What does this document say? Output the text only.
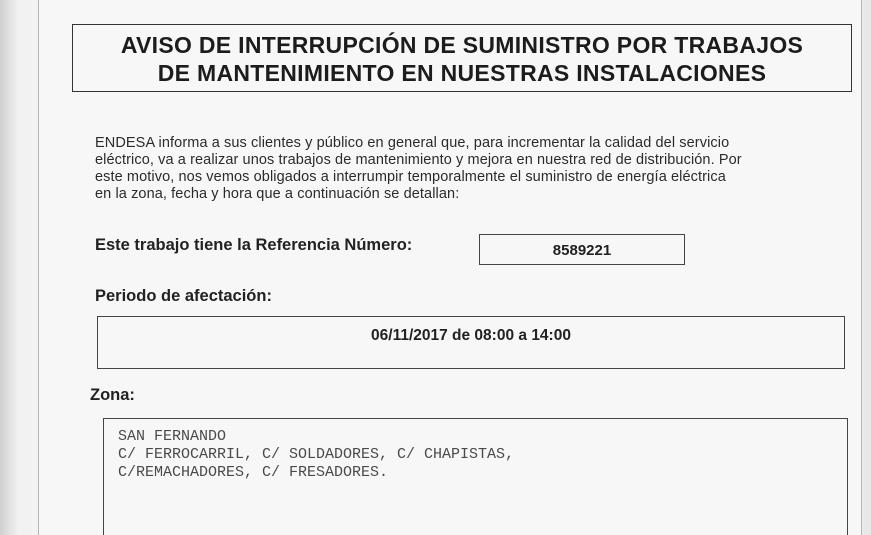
AVISO DE INTERRUPCIÓN DE SUMINISTRO POR TRABAJOS
DE MANTENIMIENTO EN NUESTRAS INSTALACIONES
ENDESA informa a sus clientes y público en general que, para incrementar la calidad del servicio
eléctrico, va a realizar unos trabajos de mantenimiento y mejora en nuestra red de distribución. Por
este motivo, nos vemos obligados a interrumpir temporalmente el suministro de energía eléctrica
en la zona, fecha y hora que a continuación se detallan:
Este trabajo tiene la Referencia Número:	8589221
Periodo de afectación:
06/11/2017 de 08:00 a 14:00
Zona:
SAN FERNANDO
C/ FERROCARRIL, C/ SOLDADORES, C/ CHAPISTAS,
C/REMACHADORES, C/ FRESADORES.
